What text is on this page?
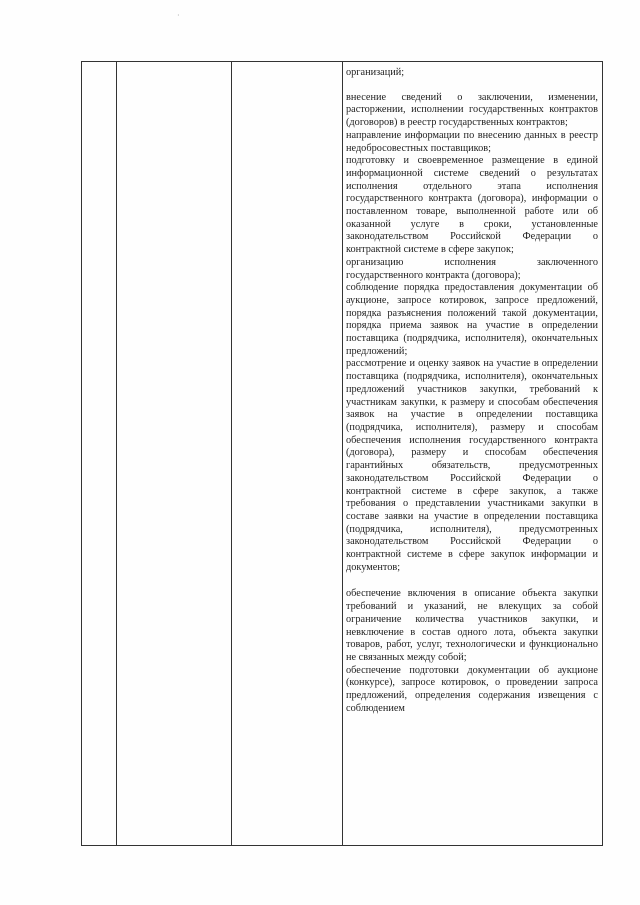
·

организаций;

внесение сведений о заключении, изменении, расторжении, исполнении государственных контрактов (договоров) в реестр государственных контрактов;

направление информации по внесению данных в реестр недобросовестных поставщиков;

подготовку и своевременное размещение в единой информационной системе сведений о результатах исполнения отдельного этапа исполнения государственного контракта (договора), информации о поставленном товаре, выполненной работе или об оказанной услуге в сроки, установленные законодательством Российской Федерации о контрактной системе в сфере закупок;

организацию исполнения заключенного государственного контракта (договора);

соблюдение порядка предоставления документации об аукционе, запросе котировок, запросе предложений, порядка разъяснения положений такой документации, порядка приема заявок на участие в определении поставщика (подрядчика, исполнителя), окончательных предложений;

рассмотрение и оценку заявок на участие в определении поставщика (подрядчика, исполнителя), окончательных предложений участников закупки, требований к участникам закупки, к размеру и способам обеспечения заявок на участие в определении поставщика (подрядчика, исполнителя), размеру и способам обеспечения исполнения государственного контракта (договора), размеру и способам обеспечения гарантийных обязательств, предусмотренных законодательством Российской Федерации о контрактной системе в сфере закупок, а также требования о представлении участниками закупки в составе заявки на участие в определении поставщика (подрядчика, исполнителя), предусмотренных законодательством Российской Федерации о контрактной системе в сфере закупок информации и документов;

обеспечение включения в описание объекта закупки требований и указаний, не влекущих за собой ограничение количества участников закупки, и невключение в состав одного лота, объекта закупки товаров, работ, услуг, технологически и функционально не связанных между собой;

обеспечение подготовки документации об аукционе (конкурсе), запросе котировок, о проведении запроса предложений, определения содержания извещения с соблюдением
